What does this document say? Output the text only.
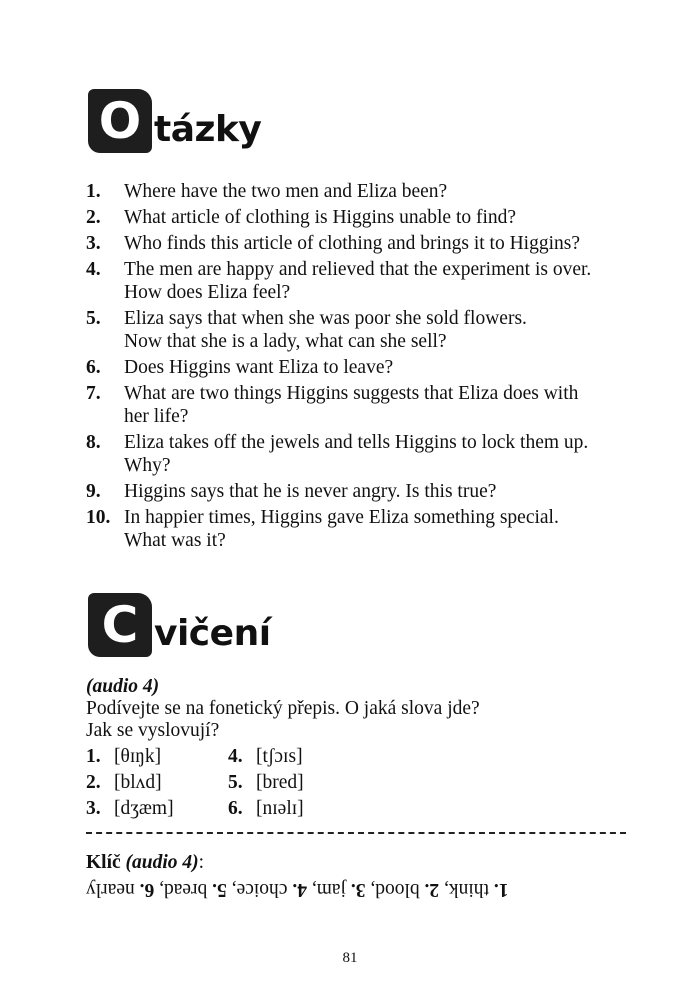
O tázky
1.	Where have the two men and Eliza been?
2.	What article of clothing is Higgins unable to find?
3.	Who finds this article of clothing and brings it to Higgins?
4.	The men are happy and relieved that the experiment is over.
How does Eliza feel?
5.	Eliza says that when she was poor she sold flowers.
Now that she is a lady, what can she sell?
6.	Does Higgins want Eliza to leave?
7.	What are two things Higgins suggests that Eliza does with
her life?
8.	Eliza takes off the jewels and tells Higgins to lock them up.
Why?
9.	Higgins says that he is never angry. Is this true?
10. In happier times, Higgins gave Eliza something special.
What was it?
C vičení
(audio 4)
Podívejte se na fonetický přepis. O jaká slova jde?
Jak se vyslovují?
1. [θɪŋk]
2. [blʌd]
3. [dʒæm]
4. [tʃɔɪs]
5. [bred]
6. [nɪəlɪ]
Klíč (audio 4):
1. think, 2. blood, 3. jam, 4. choice, 5. bread, 6. nearly
81
